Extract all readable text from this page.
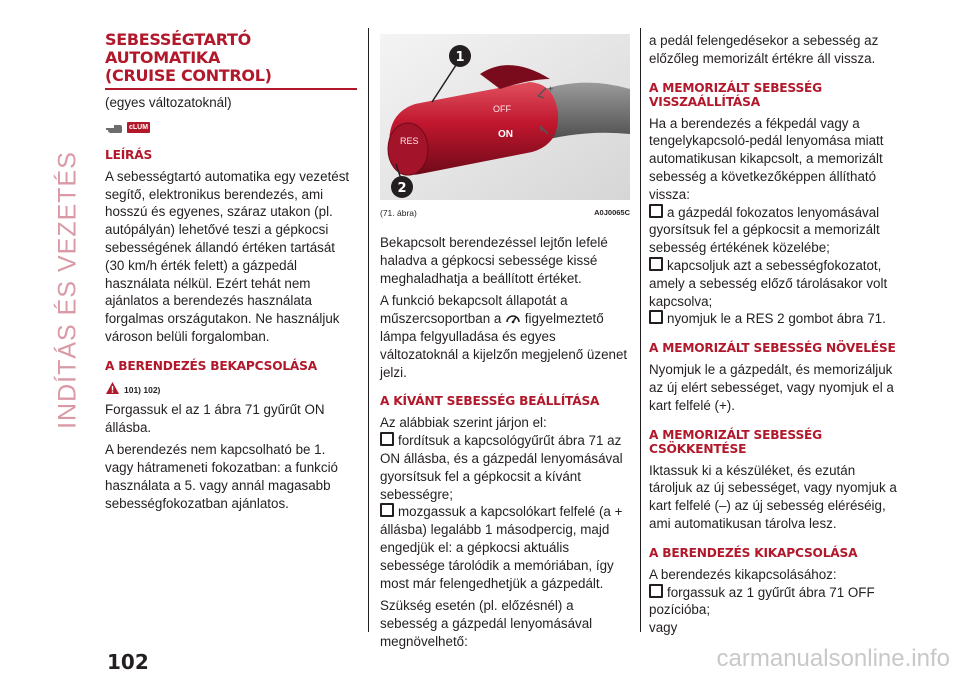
INDÍTÁS ÉS VEZETÉS
SEBESSÉGTARTÓ AUTOMATIKA
(CRUISE CONTROL)
(egyes változatoknál)
cLUM
LEÍRÁS

A sebességtartó automatika egy vezetést segítő, elektronikus berendezés, ami hosszú és egyenes, száraz utakon (pl. autópályán) lehetővé teszi a gépkocsi sebességének állandó értéken tartását (30 km/h érték felett) a gázpedál használata nélkül. Ezért tehát nem ajánlatos a berendezés használata forgalmas országutakon. Ne használjuk városon belüli forgalomban.

A BERENDEZÉS BEKAPCSOLÁSA
101) 102)

Forgassuk el az 1 ábra 71 gyűrűt ON állásba.

A berendezés nem kapcsolható be 1. vagy hátrameneti fokozatban: a funkció használata a 5. vagy annál magasabb sebességfokozatban ajánlatos.

RES
OFF
ON
+
–
1
2
(71. ábra)	A0J0065C

Bekapcsolt berendezéssel lejtőn lefelé haladva a gépkocsi sebessége kissé meghaladhatja a beállított értéket.

A funkció bekapcsolt állapotát a műszercsoportban a figyelmeztető lámpa felgyulladása és egyes változatoknál a kijelzőn megjelenő üzenet jelzi.

A KÍVÁNT SEBESSÉG BEÁLLÍTÁSA

Az alábbiak szerint járjon el:

fordítsuk a kapcsológyűrűt ábra 71 az ON állásba, és a gázpedál lenyomásával gyorsítsuk fel a gépkocsit a kívánt sebességre;

mozgassuk a kapcsolókart felfelé (a + állásba) legalább 1 másodpercig, majd engedjük el: a gépkocsi aktuális sebessége tárolódik a memóriában, így most már felengedhetjük a gázpedált.

Szükség esetén (pl. előzésnél) a sebesség a gázpedál lenyomásával megnövelhető:

a pedál felengedésekor a sebesség az előzőleg memorizált értékre áll vissza.

A MEMORIZÁLT SEBESSÉG
VISSZAÁLLÍTÁSA

Ha a berendezés a fékpedál vagy a tengelykapcsoló-pedál lenyomása miatt automatikusan kikapcsolt, a memorizált sebesség a következőképpen állítható vissza:

a gázpedál fokozatos lenyomásával gyorsítsuk fel a gépkocsit a memorizált sebesség értékének közelébe;

kapcsoljuk azt a sebességfokozatot, amely a sebesség előző tárolásakor volt kapcsolva;

nyomjuk le a RES 2 gombot ábra 71.

A MEMORIZÁLT SEBESSÉG NÖVELÉSE

Nyomjuk le a gázpedált, és memorizáljuk az új elért sebességet, vagy nyomjuk el a kart felfelé (+).

A MEMORIZÁLT SEBESSÉG
CSÖKKENTÉSE

Iktassuk ki a készüléket, és ezután tároljuk az új sebességet, vagy nyomjuk a kart felfelé (–) az új sebesség eléréséig, ami automatikusan tárolva lesz.

A BERENDEZÉS KIKAPCSOLÁSA

A berendezés kikapcsolásához:

forgassuk az 1 gyűrűt ábra 71 OFF pozícióba;

vagy

102	carmanualsonline.info
